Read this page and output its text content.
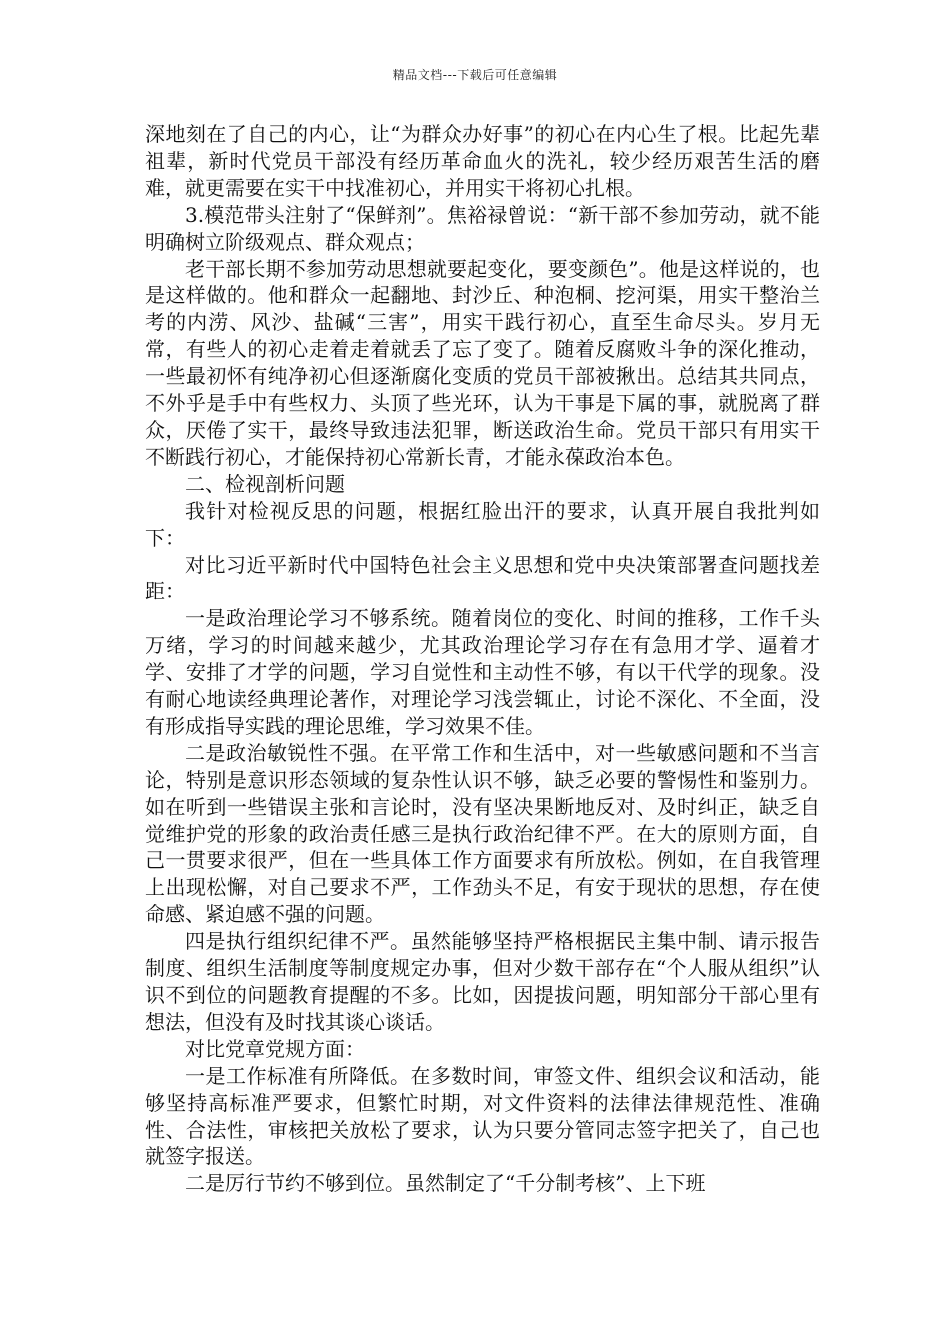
精品文档---下载后可任意编辑

深地刻在了自己的内心，让“为群众办好事”的初心在内心生了根。比起先辈祖辈，新时代党员干部没有经历革命血火的洗礼，较少经历艰苦生活的磨难，就更需要在实干中找准初心，并用实干将初心扎根。

3.模范带头注射了“保鲜剂”。焦裕禄曾说：“新干部不参加劳动，就不能明确树立阶级观点、群众观点；

老干部长期不参加劳动思想就要起变化，要变颜色”。他是这样说的，也是这样做的。他和群众一起翻地、封沙丘、种泡桐、挖河渠，用实干整治兰考的内涝、风沙、盐碱“三害”，用实干践行初心，直至生命尽头。岁月无常，有些人的初心走着走着就丢了忘了变了。随着反腐败斗争的深化推动，一些最初怀有纯净初心但逐渐腐化变质的党员干部被揪出。总结其共同点，不外乎是手中有些权力、头顶了些光环，认为干事是下属的事，就脱离了群众，厌倦了实干，最终导致违法犯罪，断送政治生命。党员干部只有用实干不断践行初心，才能保持初心常新长青，才能永葆政治本色。

二、检视剖析问题

我针对检视反思的问题，根据红脸出汗的要求，认真开展自我批判如下：

对比习近平新时代中国特色社会主义思想和党中央决策部署查问题找差距：

一是政治理论学习不够系统。随着岗位的变化、时间的推移，工作千头万绪，学习的时间越来越少，尤其政治理论学习存在有急用才学、逼着才学、安排了才学的问题，学习自觉性和主动性不够，有以干代学的现象。没有耐心地读经典理论著作，对理论学习浅尝辄止，讨论不深化、不全面，没有形成指导实践的理论思维，学习效果不佳。

二是政治敏锐性不强。在平常工作和生活中，对一些敏感问题和不当言论，特别是意识形态领域的复杂性认识不够，缺乏必要的警惕性和鉴别力。如在听到一些错误主张和言论时，没有坚决果断地反对、及时纠正，缺乏自觉维护党的形象的政治责任感三是执行政治纪律不严。在大的原则方面，自己一贯要求很严，但在一些具体工作方面要求有所放松。例如，在自我管理上出现松懈，对自己要求不严，工作劲头不足，有安于现状的思想，存在使命感、紧迫感不强的问题。

四是执行组织纪律不严。虽然能够坚持严格根据民主集中制、请示报告制度、组织生活制度等制度规定办事，但对少数干部存在“个人服从组织”认识不到位的问题教育提醒的不多。比如，因提拔问题，明知部分干部心里有想法，但没有及时找其谈心谈话。

对比党章党规方面：

一是工作标准有所降低。在多数时间，审签文件、组织会议和活动，能够坚持高标准严要求，但繁忙时期，对文件资料的法律法律规范性、准确性、合法性，审核把关放松了要求，认为只要分管同志签字把关了，自己也就签字报送。

二是厉行节约不够到位。虽然制定了“千分制考核”、上下班
